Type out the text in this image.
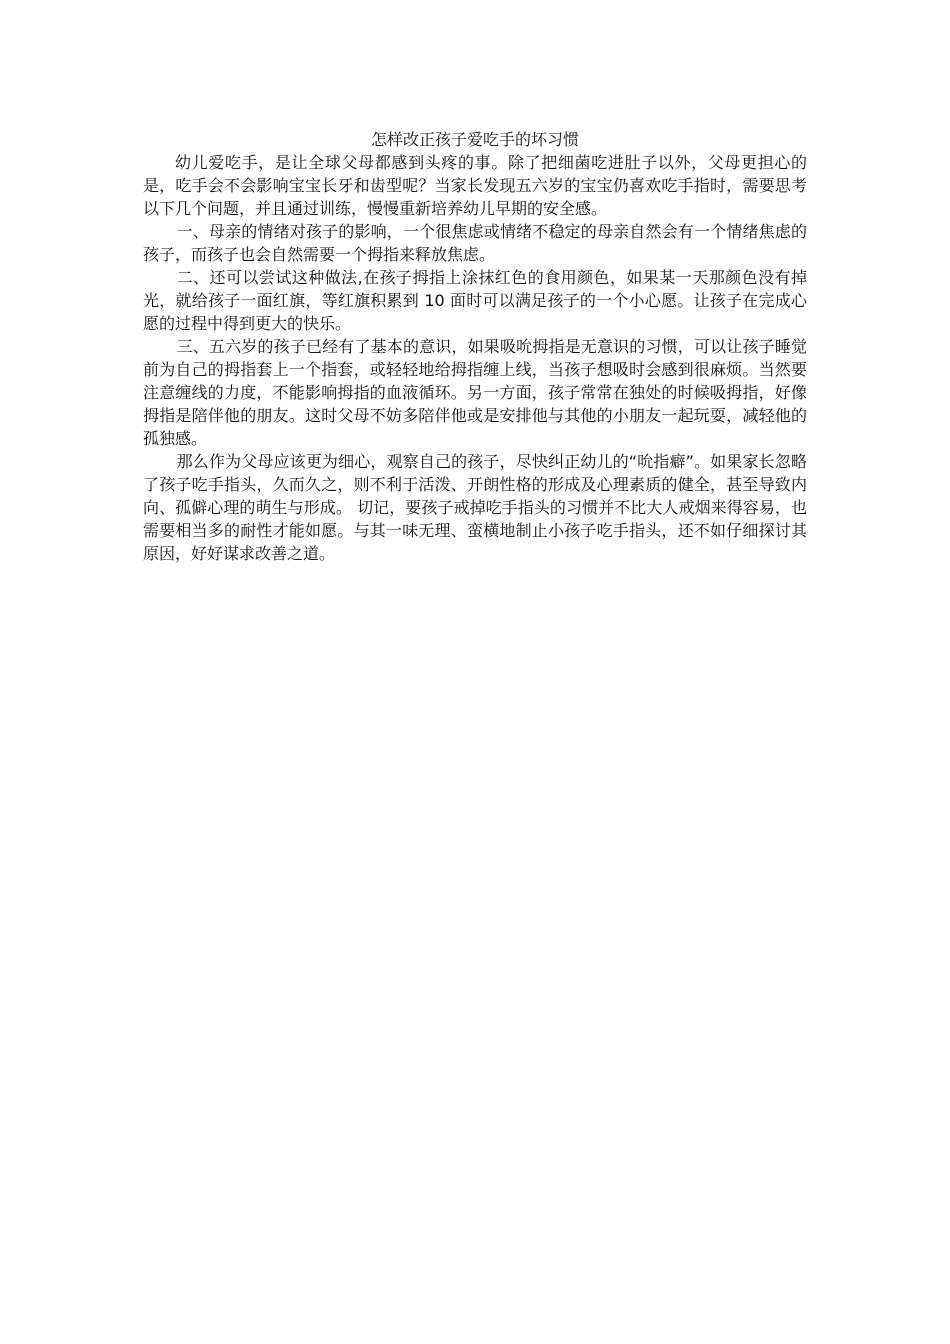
怎样改正孩子爱吃手的坏习惯

幼儿爱吃手，是让全球父母都感到头疼的事。除了把细菌吃进肚子以外，父母更担心的是，吃手会不会影响宝宝长牙和齿型呢？当家长发现五六岁的宝宝仍喜欢吃手指时，需要思考以下几个问题，并且通过训练，慢慢重新培养幼儿早期的安全感。

一、母亲的情绪对孩子的影响，一个很焦虑或情绪不稳定的母亲自然会有一个情绪焦虑的孩子，而孩子也会自然需要一个拇指来释放焦虑。

二、还可以尝试这种做法,在孩子拇指上涂抹红色的食用颜色，如果某一天那颜色没有掉光，就给孩子一面红旗，等红旗积累到 10 面时可以满足孩子的一个小心愿。让孩子在完成心愿的过程中得到更大的快乐。

三、五六岁的孩子已经有了基本的意识，如果吸吮拇指是无意识的习惯，可以让孩子睡觉前为自己的拇指套上一个指套，或轻轻地给拇指缠上线，当孩子想吸时会感到很麻烦。当然要注意缠线的力度，不能影响拇指的血液循环。另一方面，孩子常常在独处的时候吸拇指，好像拇指是陪伴他的朋友。这时父母不妨多陪伴他或是安排他与其他的小朋友一起玩耍，减轻他的孤独感。

那么作为父母应该更为细心，观察自己的孩子，尽快纠正幼儿的“吮指癖”。如果家长忽略了孩子吃手指头，久而久之，则不利于活泼、开朗性格的形成及心理素质的健全，甚至导致内向、孤僻心理的萌生与形成。 切记，要孩子戒掉吃手指头的习惯并不比大人戒烟来得容易，也需要相当多的耐性才能如愿。与其一味无理、蛮横地制止小孩子吃手指头，还不如仔细探讨其原因，好好谋求改善之道。
